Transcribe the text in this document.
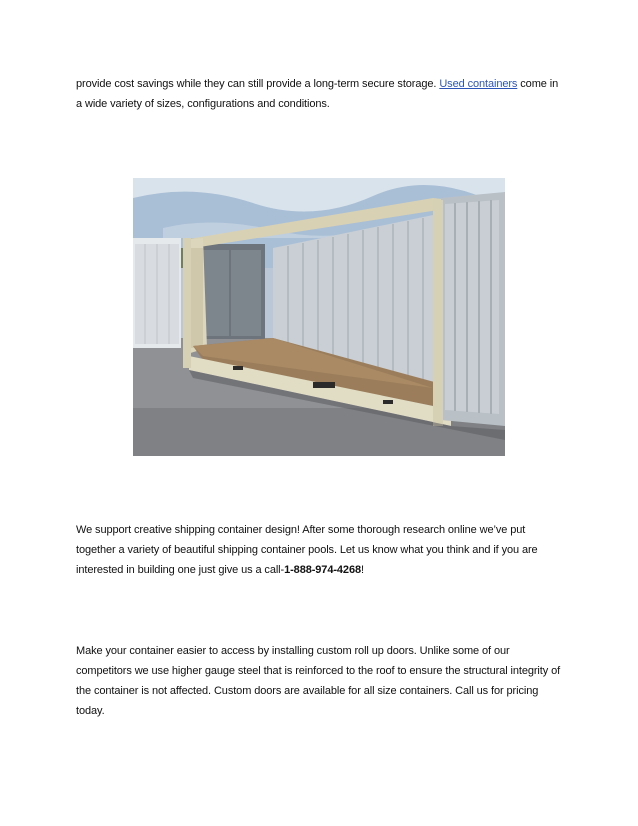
provide cost savings while they can still provide a long-term secure storage. Used containers come in a wide variety of sizes, configurations and conditions.

We support creative shipping container design! After some thorough research online we’ve put together a variety of beautiful shipping container pools. Let us know what you think and if you are interested in building one just give us a call-1-888-974-4268!

Make your container easier to access by installing custom roll up doors. Unlike some of our competitors we use higher gauge steel that is reinforced to the roof to ensure the structural integrity of the container is not affected. Custom doors are available for all size containers. Call us for pricing today.
